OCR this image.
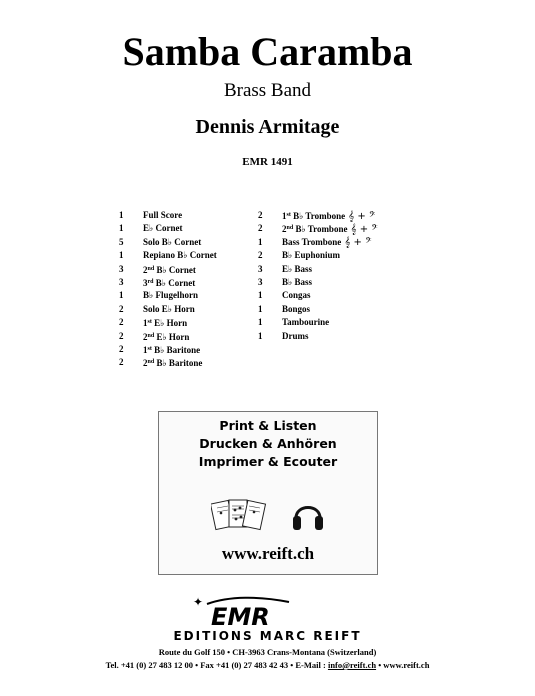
Samba Caramba
Brass Band
Dennis Armitage
EMR 1491
1	Full Score
1	E♭ Cornet
5	Solo B♭ Cornet
1	Repiano B♭ Cornet
3	2nd B♭ Cornet
3	3rd B♭ Cornet
1	B♭ Flugelhorn
2	Solo E♭ Horn
2	1st E♭ Horn
2	2nd E♭ Horn
2	1st B♭ Baritone
2	2nd B♭ Baritone
2	1st B♭ Trombone 𝄞 + 𝄢
2	2nd B♭ Trombone 𝄞 + 𝄢
1	Bass Trombone 𝄞 + 𝄢
2	B♭ Euphonium
3	E♭ Bass
3	B♭ Bass
1	Congas
1	Bongos
1	Tambourine
1	Drums
Print & Listen
Drucken & Anhören
Imprimer & Ecouter
www.reift.ch
✦
EMR
EDITIONS MARC REIFT
Route du Golf 150 • CH-3963 Crans-Montana (Switzerland)
Tel. +41 (0) 27 483 12 00 • Fax +41 (0) 27 483 42 43 • E-Mail : info@reift.ch • www.reift.ch
